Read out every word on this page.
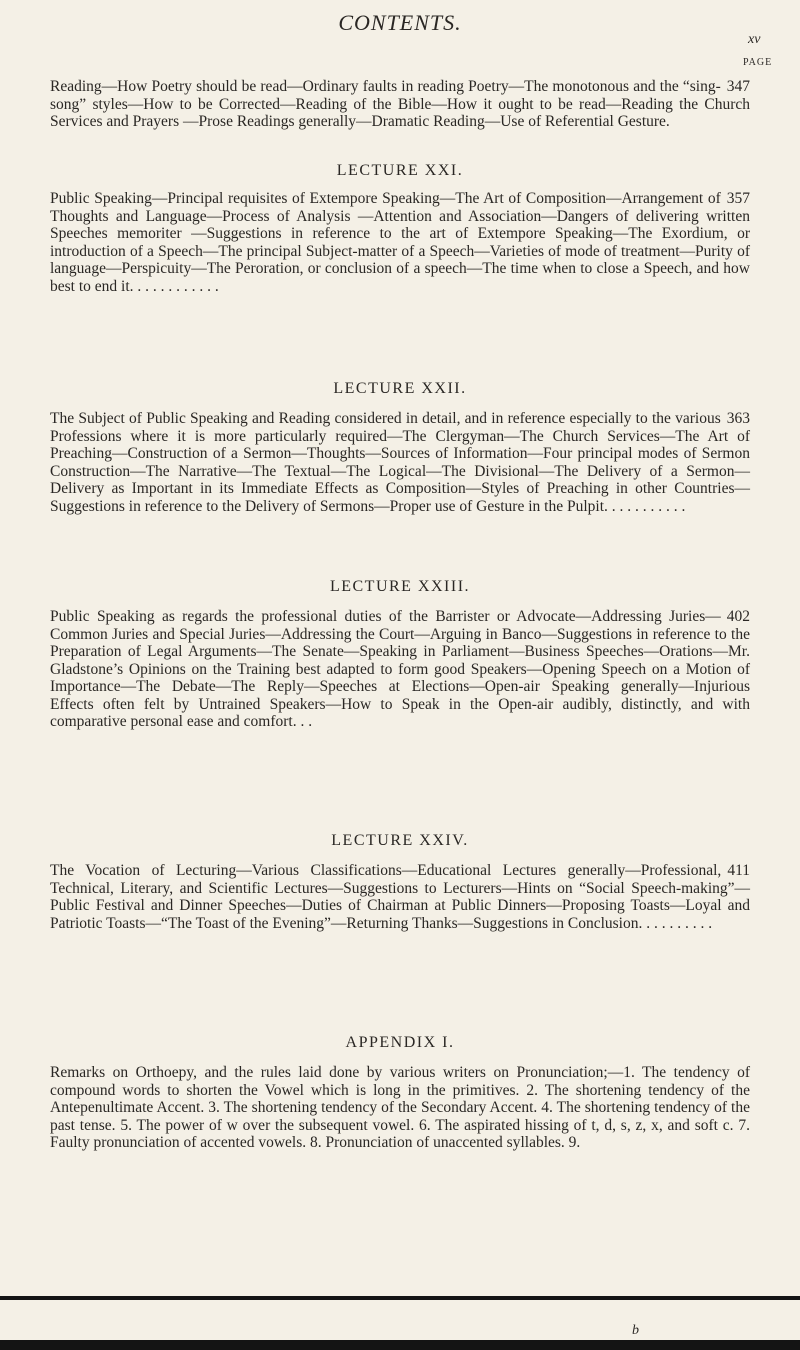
CONTENTS.
xv
PAGE
347
Reading—How Poetry should be read—Ordinary faults in reading Poetry—The monotonous and the “sing-song” styles—How to be Corrected—Reading of the Bible—How it ought to be read—Reading the Church Services and Prayers —Prose Readings generally—Dramatic Reading—Use of Referential Gesture.
LECTURE XXI.
357
Public Speaking—Principal requisites of Extempore Speaking—The Art of Composition—Arrangement of Thoughts and Language—Process of Analysis —Attention and Association—Dangers of delivering written Speeches memoriter —Suggestions in reference to the art of Extempore Speaking—The Exordium, or introduction of a Speech—The principal Subject-matter of a Speech—Varieties of mode of treatment—Purity of language—Perspicuity—The Peroration, or conclusion of a speech—The time when to close a Speech, and how best to end it. . . . . . . . . . . .
LECTURE XXII.
363
The Subject of Public Speaking and Reading considered in detail, and in reference especially to the various Professions where it is more particularly required—The Clergyman—The Church Services—The Art of Preaching—Construction of a Sermon—Thoughts—Sources of Information—Four principal modes of Sermon Construction—The Narrative—The Textual—The Logical—The Divisional—The Delivery of a Sermon—Delivery as Important in its Immediate Effects as Composition—Styles of Preaching in other Countries—Suggestions in reference to the Delivery of Sermons—Proper use of Gesture in the Pulpit. . . . . . . . . . .
LECTURE XXIII.
402
Public Speaking as regards the professional duties of the Barrister or Advocate—Addressing Juries—Common Juries and Special Juries—Addressing the Court—Arguing in Banco—Suggestions in reference to the Preparation of Legal Arguments—The Senate—Speaking in Parliament—Business Speeches—Orations—Mr. Gladstone’s Opinions on the Training best adapted to form good Speakers—Opening Speech on a Motion of Importance—The Debate—The Reply—Speeches at Elections—Open-air Speaking generally—Injurious Effects often felt by Untrained Speakers—How to Speak in the Open-air audibly, distinctly, and with comparative personal ease and comfort. . .
LECTURE XXIV.
411
The Vocation of Lecturing—Various Classifications—Educational Lectures generally—Professional, Technical, Literary, and Scientific Lectures—Suggestions to Lecturers—Hints on “Social Speech-making”—Public Festival and Dinner Speeches—Duties of Chairman at Public Dinners—Proposing Toasts—Loyal and Patriotic Toasts—“The Toast of the Evening”—Returning Thanks—Suggestions in Conclusion. . . . . . . . . .
APPENDIX I.
Remarks on Orthoepy, and the rules laid done by various writers on Pronunciation;—1. The tendency of compound words to shorten the Vowel which is long in the primitives. 2. The shortening tendency of the Antepenultimate Accent. 3. The shortening tendency of the Secondary Accent. 4. The shortening tendency of the past tense. 5. The power of w over the subsequent vowel. 6. The aspirated hissing of t, d, s, z, x, and soft c. 7. Faulty pronunciation of accented vowels. 8. Pronunciation of unaccented syllables. 9.
b
